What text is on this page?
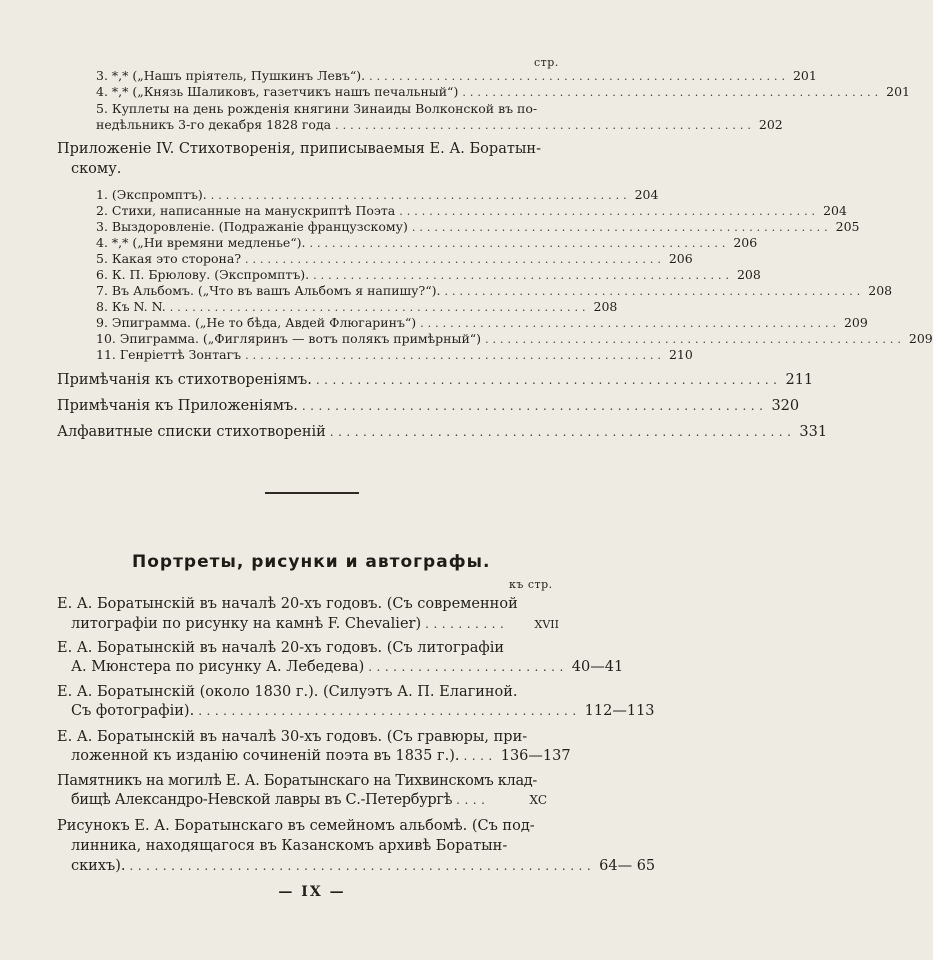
стр.
3. *,* („Нашъ прiятель, Пушкинъ Левъ“). ........................................................ 201
4. *,* („Князь Шаликовъ, газетчикъ нашъ печальный“) ........................................................ 201
5. Куплеты на день рожденiя княгини Зинаиды Волконской въ по-
недѣльникъ 3-го декабря 1828 года ........................................................ 202
Приложенiе IV. Стихотворенiя, приписываемыя Е. А. Боратын-
скому.
1. (Экспромптъ). ........................................................ 204
2. Стихи, написанные на манускриптѣ Поэта ........................................................ 204
3. Выздоровленiе. (Подражанiе французскому) ........................................................ 205
4. *,* („Ни времяни медленье“). ........................................................ 206
5. Какая это сторона? ........................................................ 206
6. К. П. Брюлову. (Экспромптъ). ........................................................ 208
7. Въ Альбомъ. („Что въ вашъ Альбомъ я напишу?“). ........................................................ 208
8. Къ N. N. ........................................................ 208
9. Эпиграмма. („Не то бѣда, Авдей Флюгаринъ“) ........................................................ 209
10. Эпиграмма. („Фигляринъ — вотъ полякъ примѣрный“) ........................................................ 209
11. Генрiеттѣ Зонтагъ ........................................................ 210
Примѣчанiя къ стихотворенiямъ. ........................................................ 211
Примѣчанiя къ Приложенiямъ. ........................................................ 320
Алфавитные списки стихотворенiй ........................................................ 331
Портреты, рисунки и автографы.
къ стр.
Е. А. Боратынскiй въ началѣ 20-хъ годовъ. (Съ современной
литографiи по рисунку на камнѣ F. Chevalier) ..........	XVII
Е. А. Боратынскiй въ началѣ 20-хъ годовъ. (Съ литографiи
А. Мюнстера по рисунку А. Лебедева) ........................ 40—41
Е. А. Боратынскiй (около 1830 г.). (Силуэтъ А. П. Елагиной.
Съ фотографiи). .............................................. 112—113
Е. А. Боратынскiй въ началѣ 30-хъ годовъ. (Съ гравюры, при-
ложенной къ изданiю сочиненiй поэта въ 1835 г.). .... 136—137
Памятникъ на могилѣ Е. А. Боратынскаго на Тихвинскомъ клад-
бищѣ Александро-Невской лавры въ С.-Петербургѣ ....	XC
Рисунокъ Е. А. Боратынскаго въ семейномъ альбомѣ. (Съ под-
линника, находящагося въ Казанскомъ архивѣ Боратын-
скихъ). ........................................................ 64— 65
— IX —
